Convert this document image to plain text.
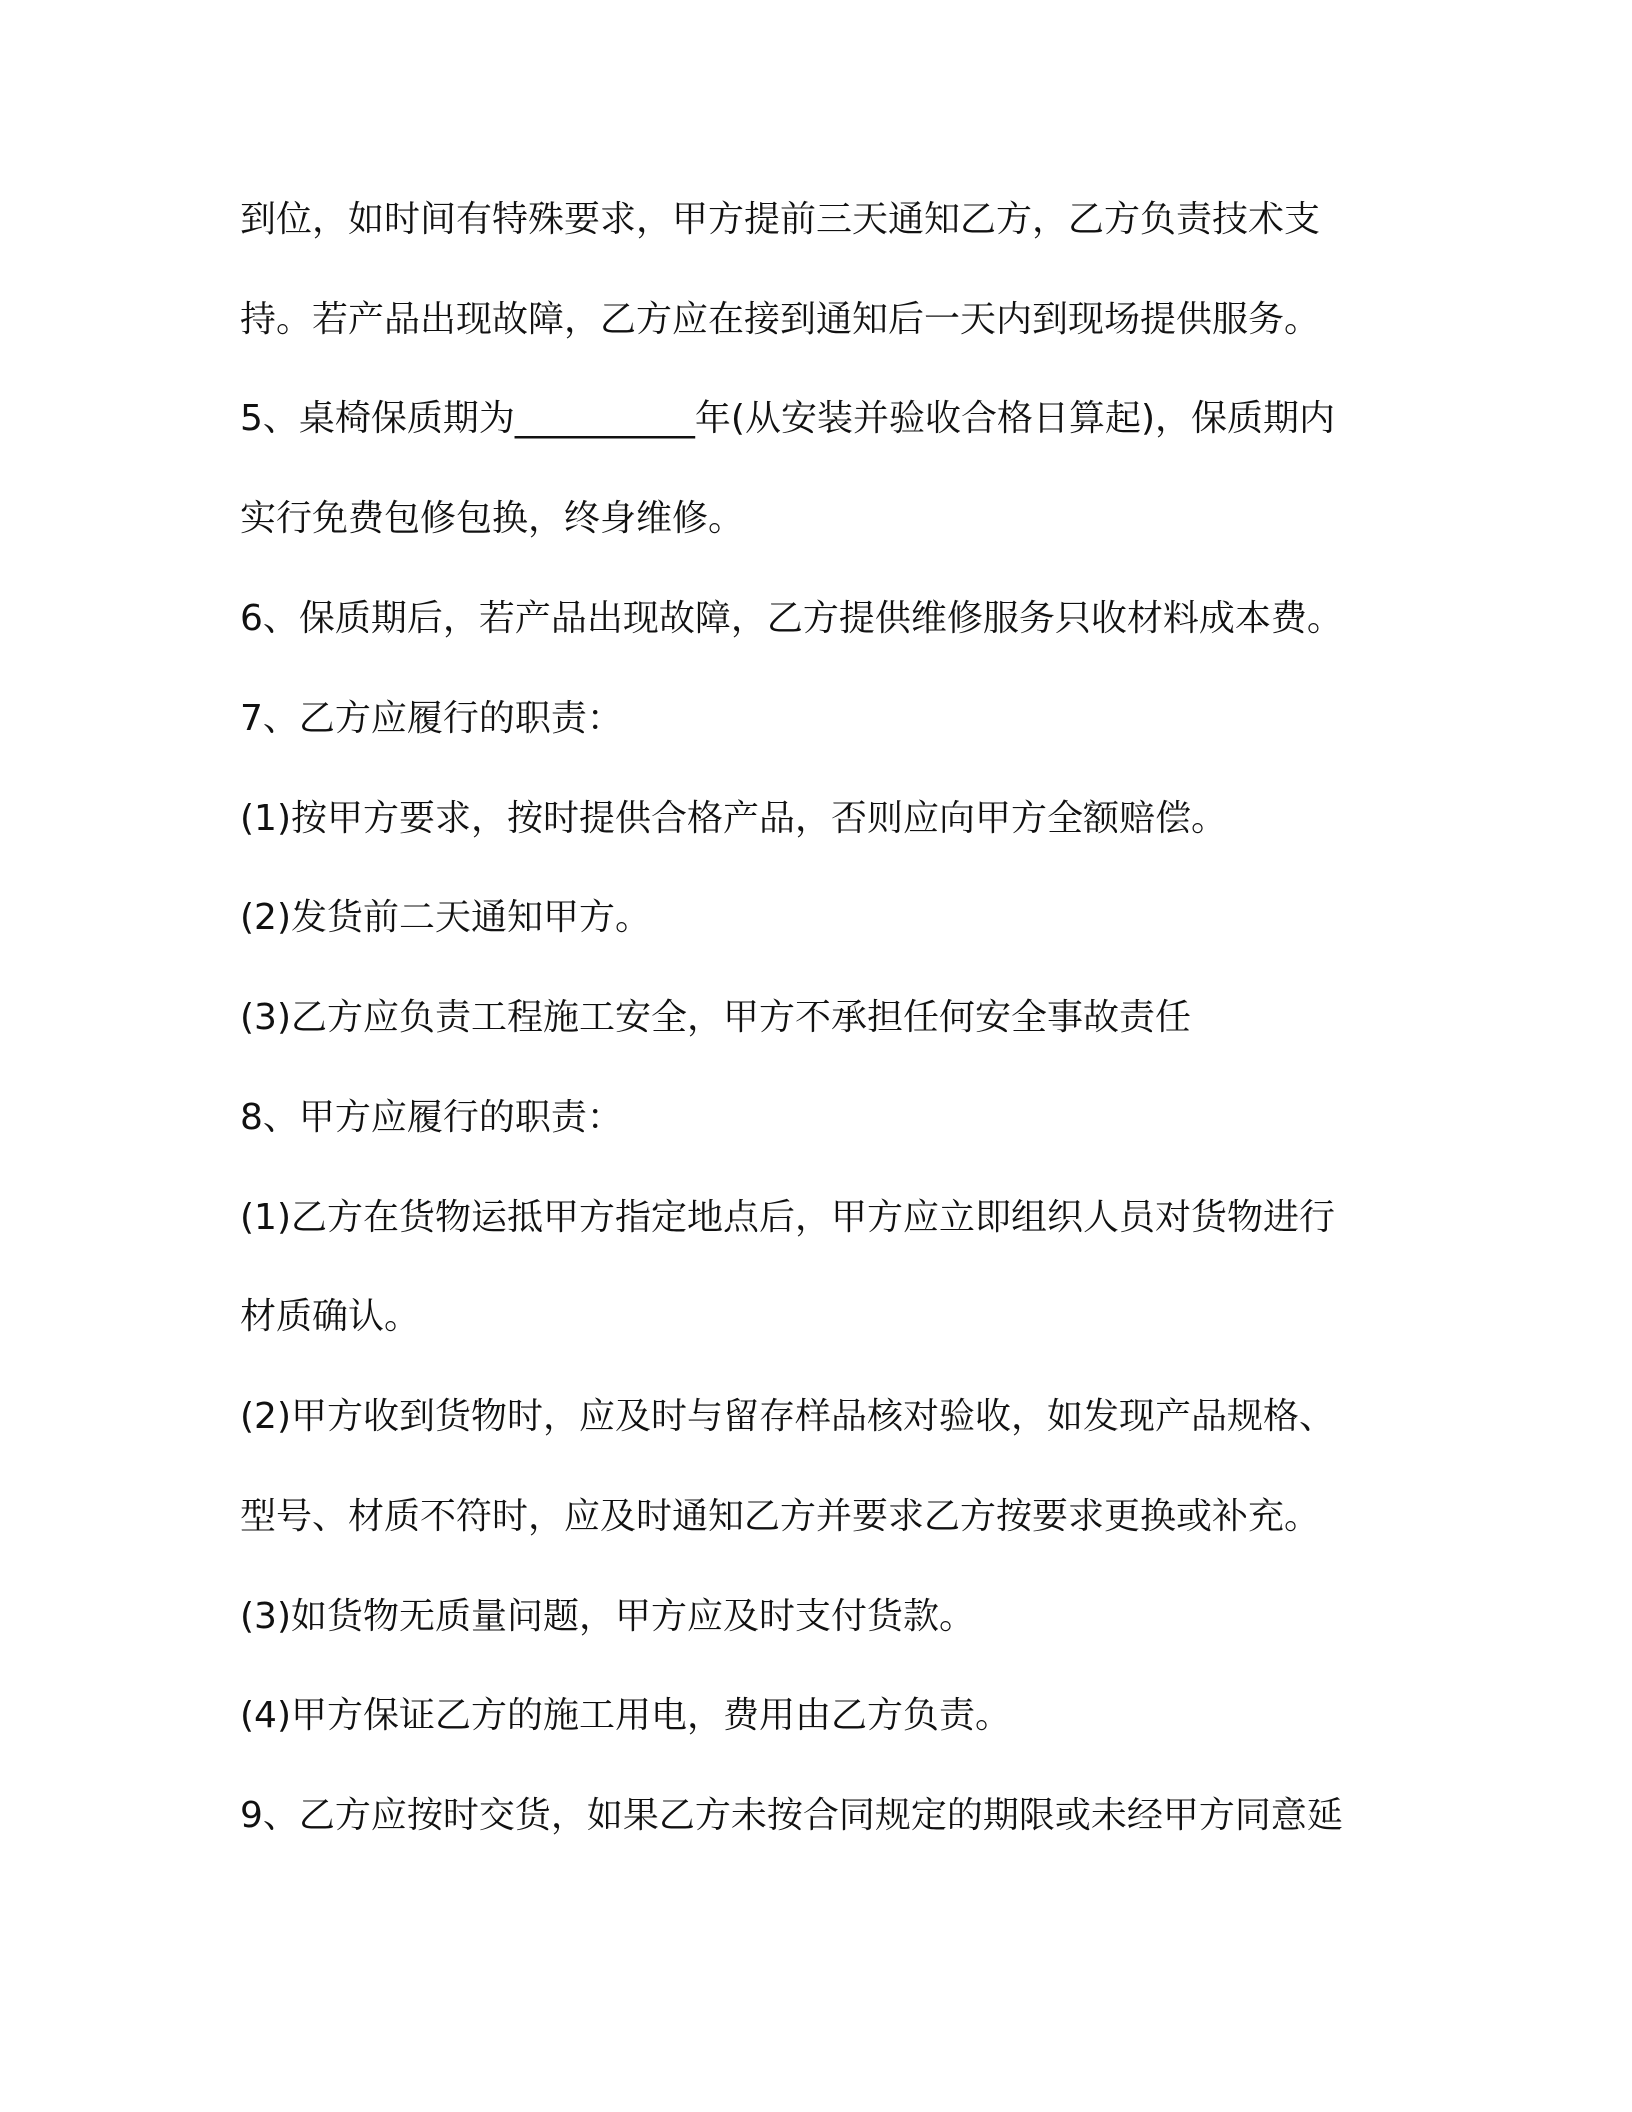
到位，如时间有特殊要求，甲方提前三天通知乙方，乙方负责技术支
持。若产品出现故障，乙方应在接到通知后一天内到现场提供服务。
5、桌椅保质期为__________年(从安装并验收合格日算起)，保质期内
实行免费包修包换，终身维修。
6、保质期后，若产品出现故障，乙方提供维修服务只收材料成本费。
7、乙方应履行的职责：
(1)按甲方要求，按时提供合格产品，否则应向甲方全额赔偿。
(2)发货前二天通知甲方。
(3)乙方应负责工程施工安全，甲方不承担任何安全事故责任
8、甲方应履行的职责：
(1)乙方在货物运抵甲方指定地点后，甲方应立即组织人员对货物进行
材质确认。
(2)甲方收到货物时，应及时与留存样品核对验收，如发现产品规格、
型号、材质不符时，应及时通知乙方并要求乙方按要求更换或补充。
(3)如货物无质量问题，甲方应及时支付货款。
(4)甲方保证乙方的施工用电，费用由乙方负责。
9、乙方应按时交货，如果乙方未按合同规定的期限或未经甲方同意延
